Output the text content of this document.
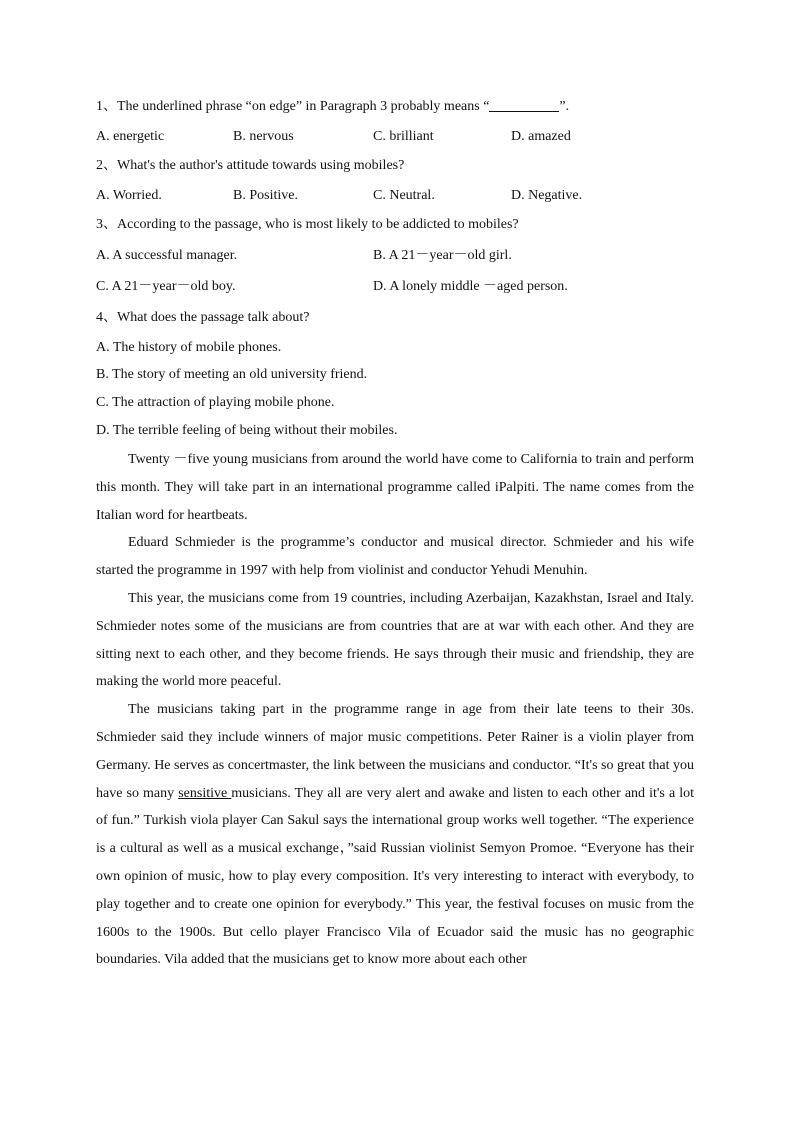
1、The underlined phrase “on edge” in Paragraph 3 probably means “	”.
A. energetic	B. nervous	C. brilliant	D. amazed
2、What's the author's attitude towards using mobiles?
A. Worried.	B. Positive.	C. Neutral.	D. Negative.
3、According to the passage, who is most likely to be addicted to mobiles?
A. A successful manager.	B. A 21－year－old girl.
C. A 21－year－old boy.	D. A lonely middle －aged person.
4、What does the passage talk about?
A. The history of mobile phones.
B. The story of meeting an old university friend.
C. The attraction of playing mobile phone.
D. The terrible feeling of being without their mobiles.

Twenty －five young musicians from around the world have come to California to train and perform this month. They will take part in an international programme called iPalpiti. The name comes from the Italian word for heartbeats.

Eduard Schmieder is the programme’s conductor and musical director. Schmieder and his wife started the programme in 1997 with help from violinist and conductor Yehudi Menuhin.

This year, the musicians come from 19 countries, including Azerbaijan, Kazakhstan, Israel and Italy. Schmieder notes some of the musicians are from countries that are at war with each other. And they are sitting next to each other, and they become friends. He says through their music and friendship, they are making the world more peaceful.

The musicians taking part in the programme range in age from their late teens to their 30s. Schmieder said they include winners of major music competitions. Peter Rainer is a violin player from Germany. He serves as concertmaster, the link between the musicians and conductor. “It's so great that you have so many sensitive musicians. They all are very alert and awake and listen to each other and it's a lot of fun.” Turkish viola player Can Sakul says the international group works well together. “The experience is a cultural as well as a musical exchange，”said Russian violinist Semyon Promoe. “Everyone has their own opinion of music, how to play every composition. It's very interesting to interact with everybody, to play together and to create one opinion for everybody.” This year, the festival focuses on music from the 1600s to the 1900s. But cello player Francisco Vila of Ecuador said the music has no geographic boundaries. Vila added that the musicians get to know more about each other
